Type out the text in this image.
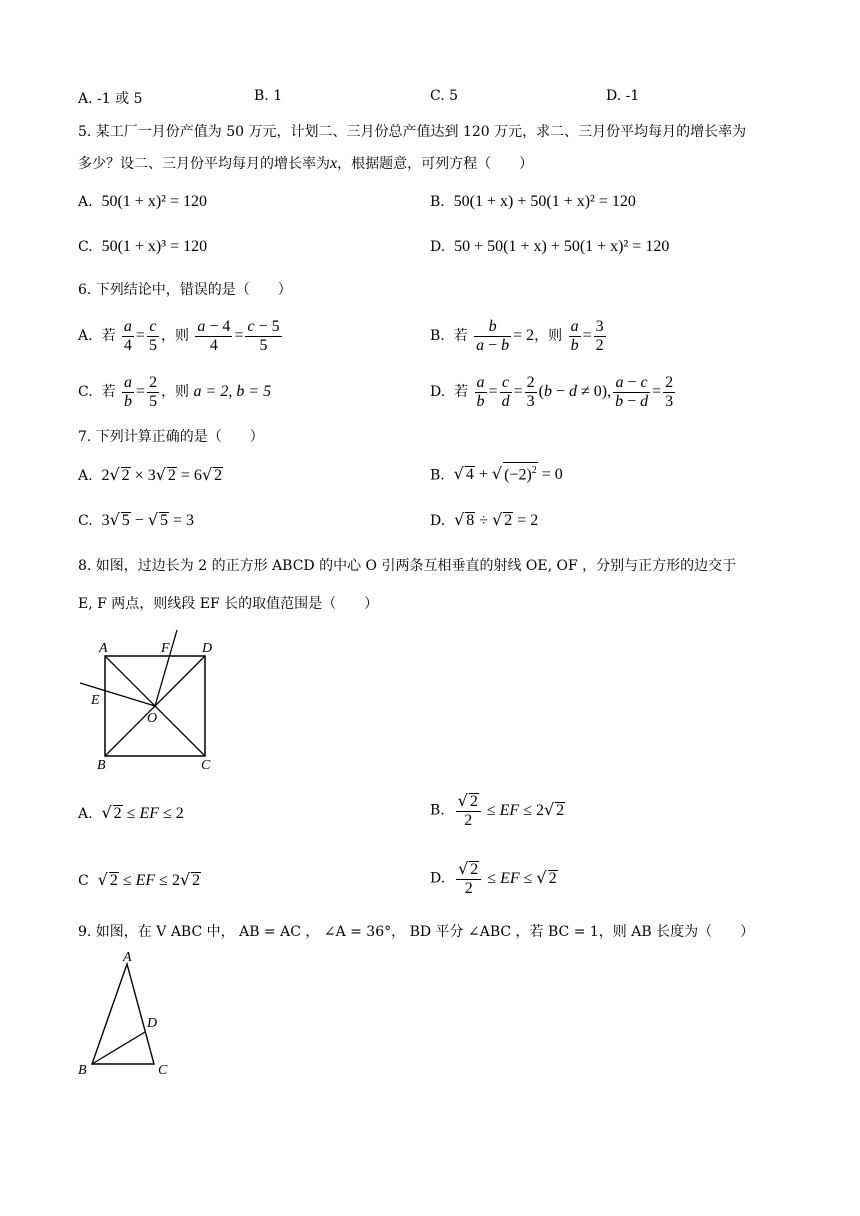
A. -1 或 5	B. 1	C. 5	D. -1
5. 某工厂一月份产值为 50 万元，计划二、三月份总产值达到 120 万元，求二、三月份平均每月的增长率为
多少？设二、三月份平均每月的增长率为x，根据题意，可列方程（　　）
A. 50(1 + x)² = 120	B. 50(1 + x) + 50(1 + x)² = 120
C. 50(1 + x)³ = 120	D. 50 + 50(1 + x) + 50(1 + x)² = 120
6. 下列结论中，错误的是（　　）
A. 若 $\frac{a}{4} = \frac{c}{5}$ ，则 $\frac{a - 4}{4} = \frac{c - 5}{5}$	B. 若 $\frac{b}{a - b} = 2$，则 $\frac{a}{b} = \frac{3}{2}$
C. 若 $\frac{a}{b} = \frac{2}{5}$ ，则 a = 2, b = 5	D. 若 $\frac{a}{b} = \frac{c}{d} = \frac{2}{3} (b - d \ne 0)$, $\frac{a - c}{b - d} = \frac{2}{3}$
7. 下列计算正确的是（　　）
A. 2√ 2 × 3√ 2 = 6√ 2	B. √ 4 + √ $(-2)^2 = 0$
C. 3√ 5 − √ 5 = 3	D. √ 8 ÷ √ 2 = 2
8. 如图，过边长为 2 的正方形 ABCD 的中心 O 引两条互相垂直的射线 OE, OF ，分别与正方形的边交于
E, F 两点，则线段 EF 长的取值范围是（　　）
A	F D
E
O
B	C
A. √ 2 ≤ EF ≤ 2	B. $\frac{√ 2}{2}$ ≤ EF ≤ 2√ 2
C √ 2 ≤ EF ≤ 2√ 2	D. $\frac{√ 2}{2}$ ≤ EF ≤ √ 2
9. 如图，在 V ABC 中， AB = AC ， ∠A = 36°， BD 平分 ∠ABC ，若 BC = 1，则 AB 长度为（　　）
A
D
B	C
